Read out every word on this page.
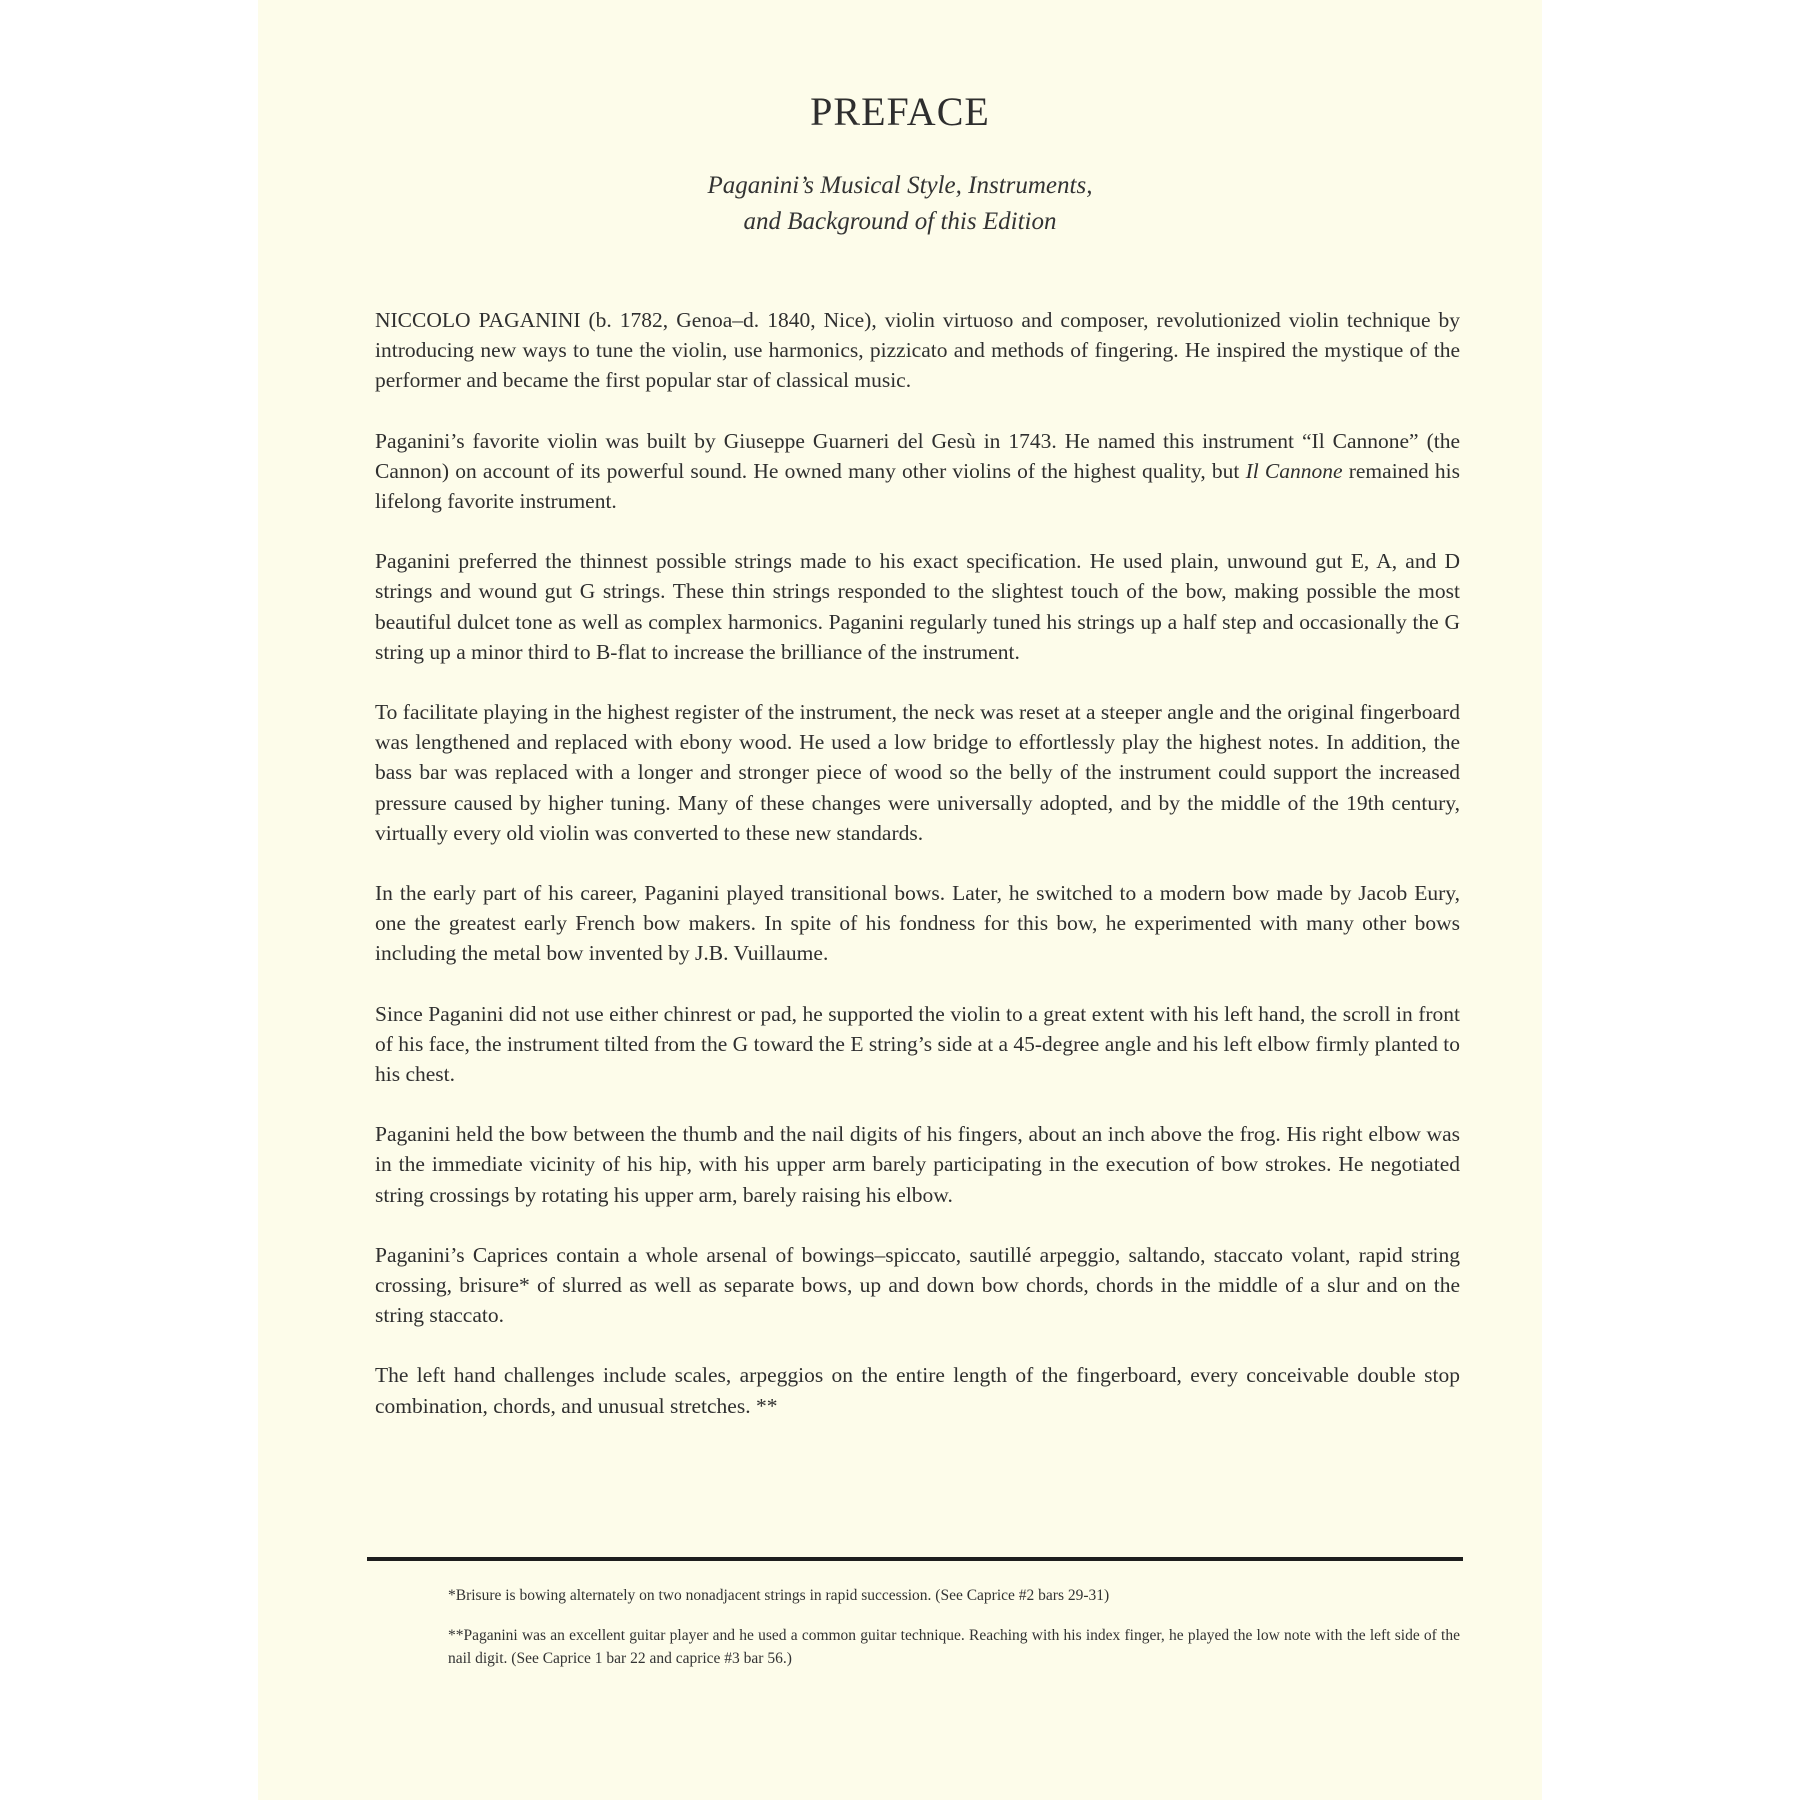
PREFACE
Paganini’s Musical Style, Instruments,
and Background of this Edition

NICCOLO PAGANINI (b. 1782, Genoa–d. 1840, Nice), violin virtuoso and composer, revolutionized violin technique by introducing new ways to tune the violin, use harmonics, pizzicato and methods of fingering. He inspired the mystique of the performer and became the first popular star of classical music.

Paganini’s favorite violin was built by Giuseppe Guarneri del Gesù in 1743. He named this instrument “Il Cannone” (the Cannon) on account of its powerful sound. He owned many other violins of the highest quality, but Il Cannone remained his lifelong favorite instrument.

Paganini preferred the thinnest possible strings made to his exact specification. He used plain, unwound gut E, A, and D strings and wound gut G strings. These thin strings responded to the slightest touch of the bow, making possible the most beautiful dulcet tone as well as complex harmonics. Paganini regularly tuned his strings up a half step and occasionally the G string up a minor third to B-flat to increase the brilliance of the instrument.

To facilitate playing in the highest register of the instrument, the neck was reset at a steeper angle and the original fingerboard was lengthened and replaced with ebony wood. He used a low bridge to effortlessly play the highest notes. In addition, the bass bar was replaced with a longer and stronger piece of wood so the belly of the instrument could support the increased pressure caused by higher tuning. Many of these changes were universally adopted, and by the middle of the 19th century, virtually every old violin was converted to these new standards.

In the early part of his career, Paganini played transitional bows. Later, he switched to a modern bow made by Jacob Eury, one the greatest early French bow makers. In spite of his fondness for this bow, he experimented with many other bows including the metal bow invented by J.B. Vuillaume.

Since Paganini did not use either chinrest or pad, he supported the violin to a great extent with his left hand, the scroll in front of his face, the instrument tilted from the G toward the E string’s side at a 45-degree angle and his left elbow firmly planted to his chest.

Paganini held the bow between the thumb and the nail digits of his fingers, about an inch above the frog. His right elbow was in the immediate vicinity of his hip, with his upper arm barely participating in the execution of bow strokes. He negotiated string crossings by rotating his upper arm, barely raising his elbow.

Paganini’s Caprices contain a whole arsenal of bowings–spiccato, sautillé arpeggio, saltando, staccato volant, rapid string crossing, brisure* of slurred as well as separate bows, up and down bow chords, chords in the middle of a slur and on the string staccato.

The left hand challenges include scales, arpeggios on the entire length of the fingerboard, every conceivable double stop combination, chords, and unusual stretches. **

*Brisure is bowing alternately on two nonadjacent strings in rapid succession. (See Caprice #2 bars 29-31)

**Paganini was an excellent guitar player and he used a common guitar technique. Reaching with his index finger, he played the low note with the left side of the nail digit. (See Caprice 1 bar 22 and caprice #3 bar 56.)
